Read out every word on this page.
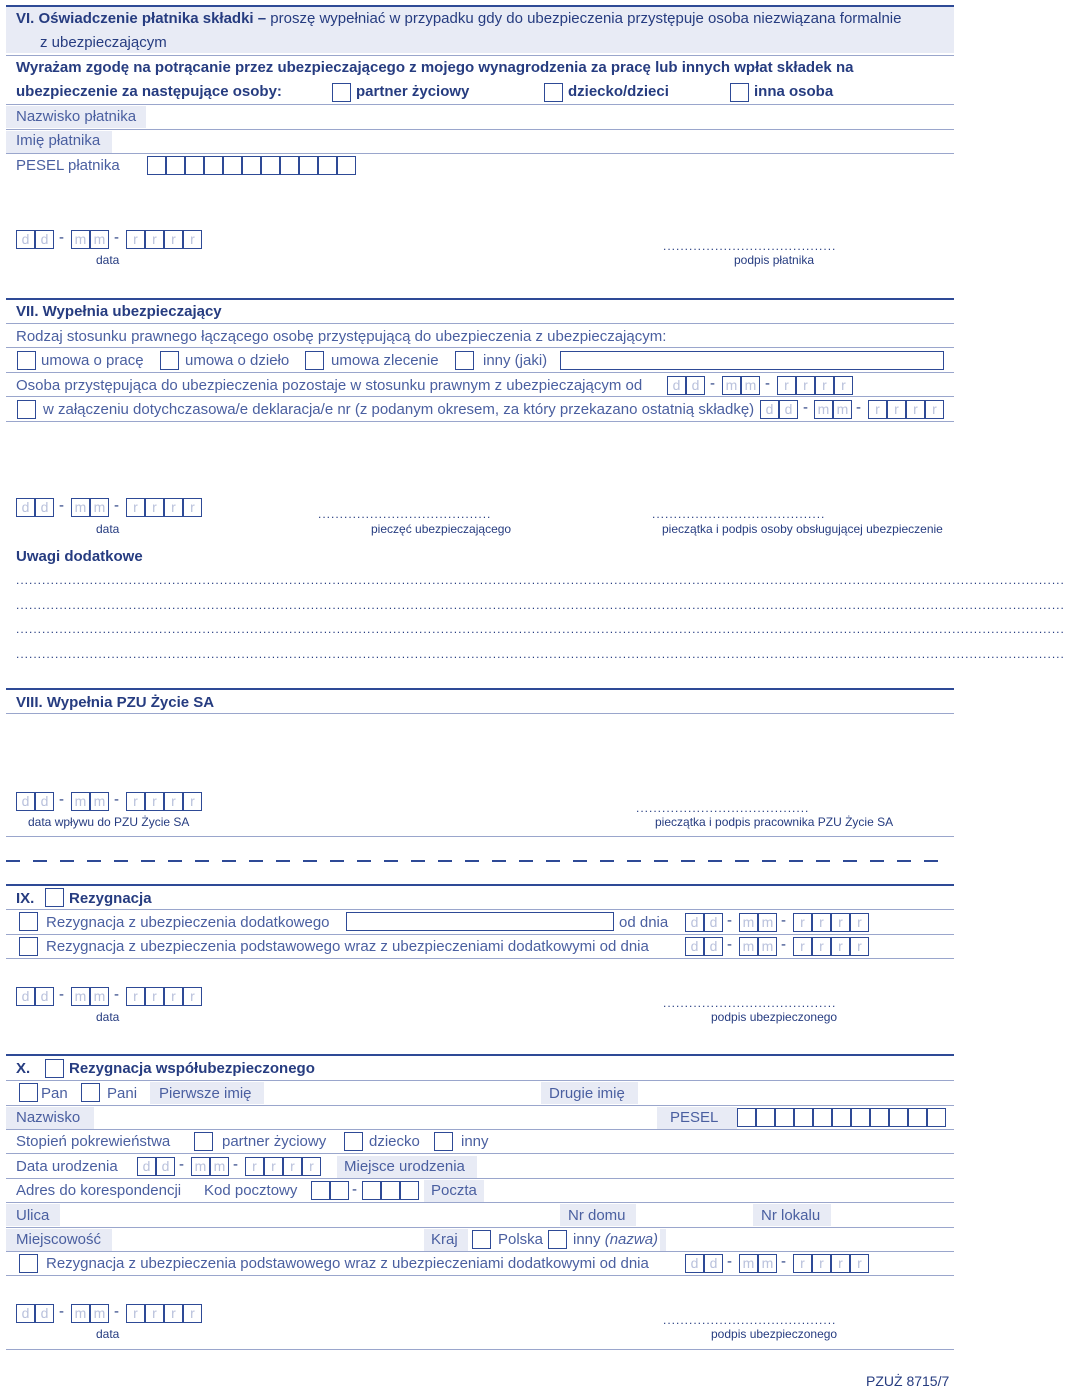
VI. Oświadczenie płatnika składki – proszę wypełniać w przypadku gdy do ubezpieczenia przystępuje osoba niezwiązana formalnie
z ubezpieczającym
Wyrażam zgodę na potrącanie przez ubezpieczającego z mojego wynagrodzenia za pracę lub innych wpłat składek na
ubezpieczenie za następujące osoby:	partner życiowy	dziecko/dzieci	inna osoba
Nazwisko płatnika
Imię płatnika
PESEL płatnika
d d - m m -	r	r	r	r
data
........................................
podpis płatnika
VII. Wypełnia ubezpieczający
Rodzaj stosunku prawnego łączącego osobę przystępującą do ubezpieczenia z ubezpieczającym:
umowa o pracę	umowa o dzieło	umowa zlecenie	inny (jaki)
Osoba przystępująca do ubezpieczenia pozostaje w stosunku prawnym z ubezpieczającym od	d d - m m -	r	r	r	r
w załączeniu dotychczasowa/e deklaracja/e nr (z podanym okresem, za który przekazano ostatnią składkę) d d - m m -	r	r	r	r
d d - m m -	r	r	r	r
data
........................................
pieczęć ubezpieczającego
........................................
pieczątka i podpis osoby obsługującej ubezpieczenie
Uwagi dodatkowe
..................................................................................................................................................................................................................................................
..................................................................................................................................................................................................................................................
..................................................................................................................................................................................................................................................
..................................................................................................................................................................................................................................................
VIII. Wypełnia PZU Życie SA
d d - m m -	r	r	r	r
data wpływu do PZU Życie SA
........................................
pieczątka i podpis pracownika PZU Życie SA
IX. Rezygnacja
Rezygnacja z ubezpieczenia dodatkowego	od dnia	d d - m m -	r	r	r	r
Rezygnacja z ubezpieczenia podstawowego wraz z ubezpieczeniami dodatkowymi od dnia	d d - m m -	r	r	r	r
d d - m m -	r	r	r	r
data
........................................
podpis ubezpieczonego
X.	Rezygnacja współubezpieczonego
Pan	Pani Pierwsze imię	Drugie imię
Nazwisko	PESEL
Stopień pokrewieństwa	partner życiowy	dziecko	inny
Data urodzenia	d d - m m -	r	r	r	r	Miejsce urodzenia
Adres do korespondencji Kod pocztowy	-	Poczta
Ulica	Nr domu	Nr lokalu
Miejscowość	Kraj	Polska inny (nazwa)
Rezygnacja z ubezpieczenia podstawowego wraz z ubezpieczeniami dodatkowymi od dnia	d d - m m -	r	r	r	r
d d - m m -	r	r	r	r
data
........................................
podpis ubezpieczonego
PZUŻ 8715/7
